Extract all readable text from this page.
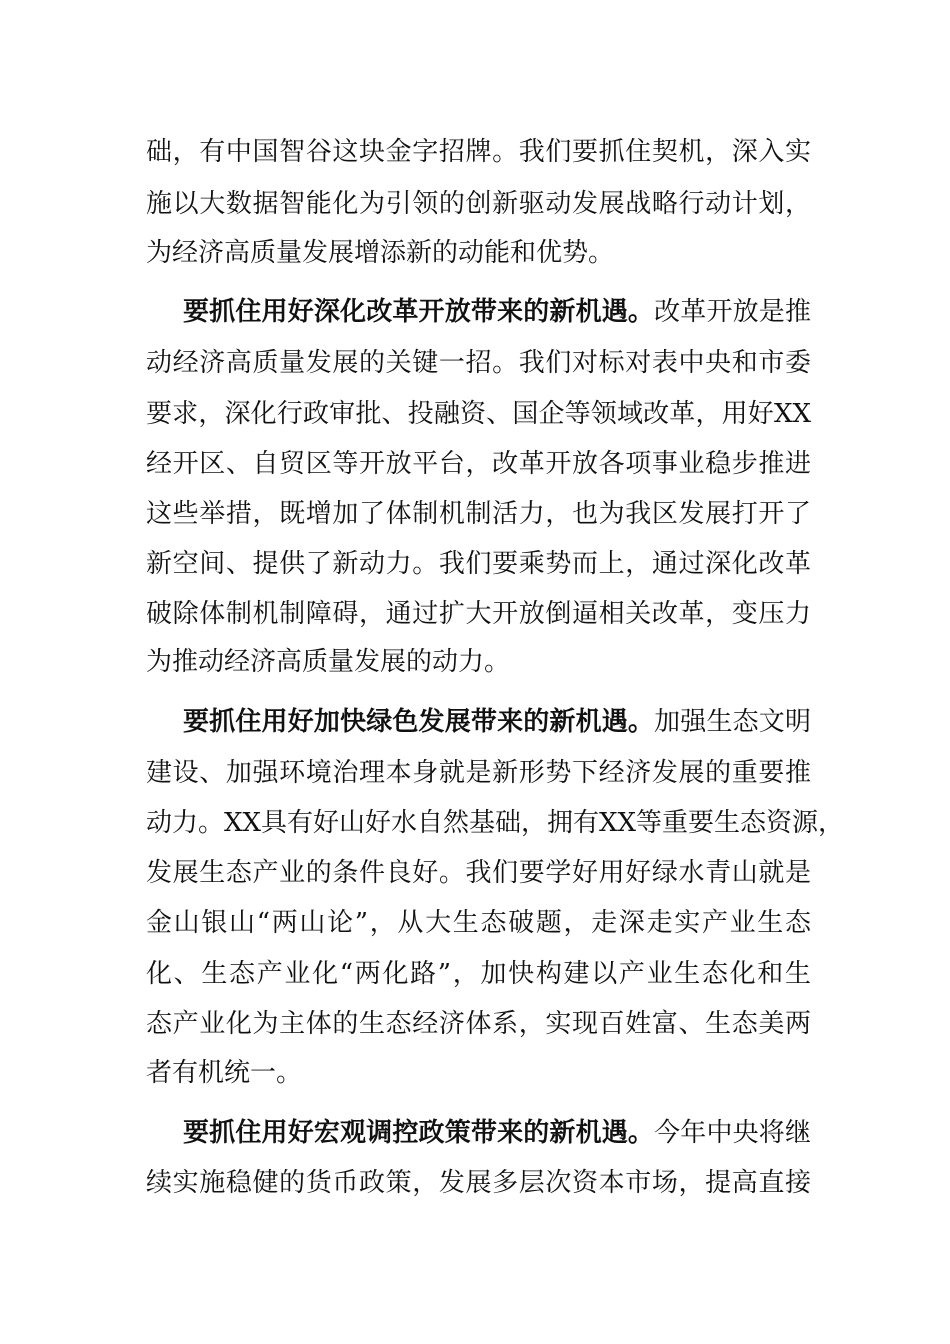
础，有中国智谷这块金字招牌。我们要抓住契机，深入实
施以大数据智能化为引领的创新驱动发展战略行动计划，
为经济高质量发展增添新的动能和优势。
要抓住用好深化改革开放带来的新机遇。改革开放是推
动经济高质量发展的关键一招。我们对标对表中央和市委
要求，深化行政审批、投融资、国企等领域改革，用好XX
经开区、自贸区等开放平台，改革开放各项事业稳步推进
这些举措，既增加了体制机制活力，也为我区发展打开了
新空间、提供了新动力。我们要乘势而上，通过深化改革
破除体制机制障碍，通过扩大开放倒逼相关改革，变压力
为推动经济高质量发展的动力。
要抓住用好加快绿色发展带来的新机遇。加强生态文明
建设、加强环境治理本身就是新形势下经济发展的重要推
动力。XX具有好山好水自然基础，拥有XX等重要生态资源，
发展生态产业的条件良好。我们要学好用好绿水青山就是
金山银山“两山论”，从大生态破题，走深走实产业生态
化、生态产业化“两化路”，加快构建以产业生态化和生
态产业化为主体的生态经济体系，实现百姓富、生态美两
者有机统一。
要抓住用好宏观调控政策带来的新机遇。今年中央将继
续实施稳健的货币政策，发展多层次资本市场，提高直接
